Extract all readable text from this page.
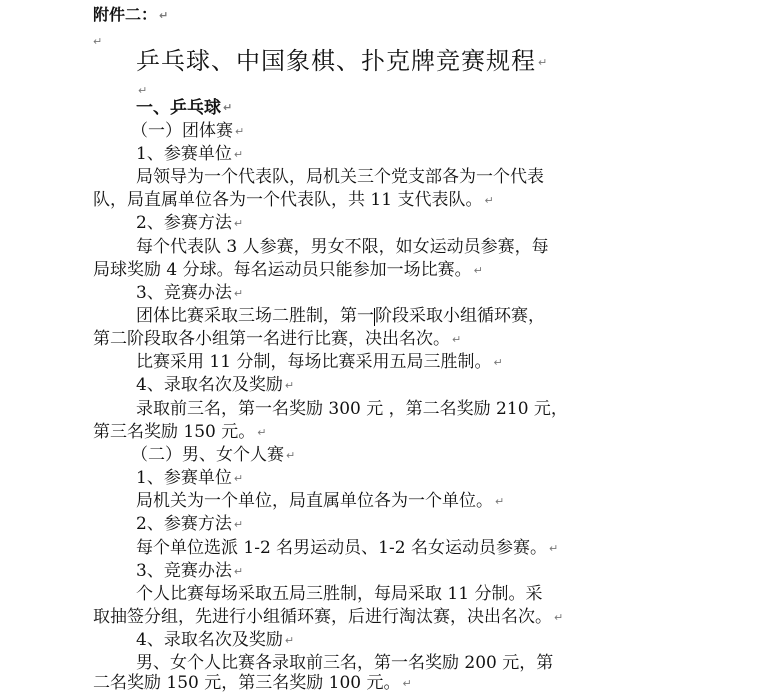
附件二： ↵
↵
乒乓球、中国象棋、扑克牌竞赛规程 ↵
↵
一、乒乓球 ↵
（一）团体赛 ↵
1、参赛单位 ↵
局领导为一个代表队，局机关三个党支部各为一个代表
队，局直属单位各为一个代表队，共 11 支代表队。 ↵
2、参赛方法 ↵
每个代表队 3 人参赛，男女不限，如女运动员参赛，每
局球奖励 4 分球。每名运动员只能参加一场比赛。 ↵
3、竞赛办法 ↵
团体比赛采取三场二胜制，第一阶段采取小组循环赛，
第二阶段取各小组第一名进行比赛，决出名次。 ↵
比赛采用 11 分制，每场比赛采用五局三胜制。 ↵
4、录取名次及奖励 ↵
录取前三名，第一名奖励 300 元 ，第二名奖励 210 元，
第三名奖励 150 元。 ↵
（二）男、女个人赛 ↵
1、参赛单位 ↵
局机关为一个单位，局直属单位各为一个单位。 ↵
2、参赛方法 ↵
每个单位选派 1-2 名男运动员、1-2 名女运动员参赛。 ↵
3、竞赛办法 ↵
个人比赛每场采取五局三胜制，每局采取 11 分制。采
取抽签分组，先进行小组循环赛，后进行淘汰赛，决出名次。 ↵
4、录取名次及奖励 ↵
男、女个人比赛各录取前三名，第一名奖励 200 元，第
二名奖励 150 元，第三名奖励 100 元。 ↵
